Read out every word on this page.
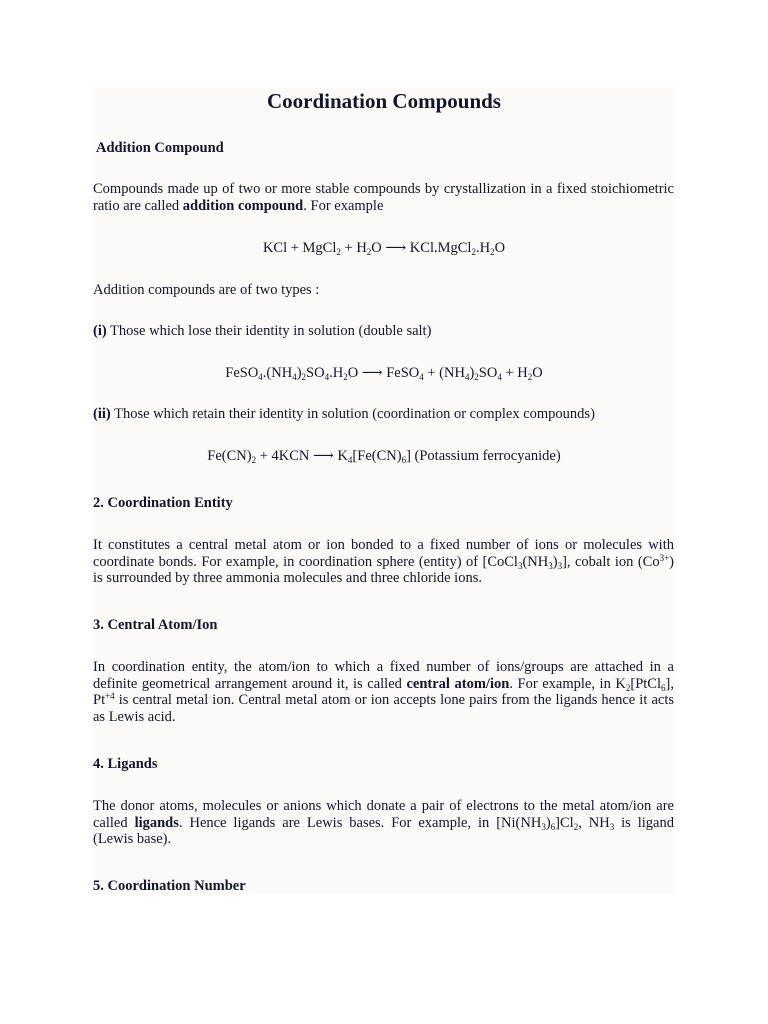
Coordination Compounds

Addition Compound

Compounds made up of two or more stable compounds by crystallization in a fixed stoichiometric ratio are called addition compound. For example

KCl + MgCl$_2$ + $H_2O$ ⟶ $KCl.MgCl_2.H_2O$

Addition compounds are of two types :

(i) Those which lose their identity in solution (double salt)

$FeSO_4.(NH_4)_2SO_4.H_2O$ ⟶ FeSO$_4$ + $(NH_4)_2SO_4 + H_2O$

(ii) Those which retain their identity in solution (coordination or complex compounds)

$Fe(CN)_2 + 4KCN$ ⟶ $K_4[Fe(CN)_6]$ (Potassium ferrocyanide)

2. Coordination Entity

It constitutes a central metal atom or ion bonded to a fixed number of ions or molecules with coordinate bonds. For example, in coordination sphere (entity) of $[CoCl_3(NH_3)_3]$, cobalt ion $(Co^{3+})$ is surrounded by three ammonia molecules and three chloride ions.

3. Central Atom/Ion

In coordination entity, the atom/ion to which a fixed number of ions/groups are attached in a definite geometrical arrangement around it, is called central atom/ion. For example, in $K_2[PtCl_6]$, $Pt^{+4}$ is central metal ion. Central metal atom or ion accepts lone pairs from the ligands hence it acts as Lewis acid.

4. Ligands

The donor atoms, molecules or anions which donate a pair of electrons to the metal atom/ion are called ligands. Hence ligands are Lewis bases. For example, in $[Ni(NH_3)_6]Cl_2$, $NH_3$ is ligand (Lewis base).

5. Coordination Number
